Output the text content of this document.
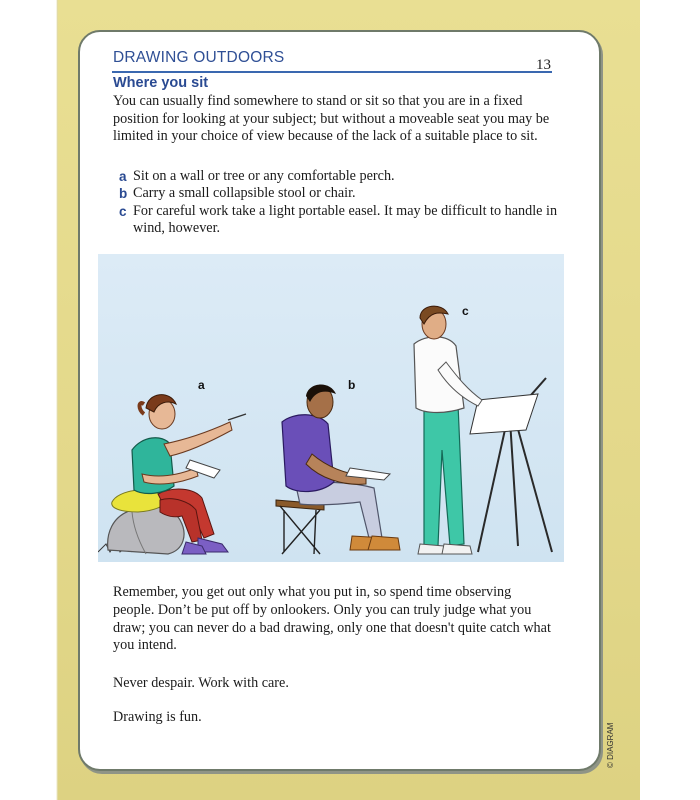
DRAWING OUTDOORS	13
Where you sit
You can usually find somewhere to stand or sit so that you are in a fixed position for looking at your subject; but without a moveable seat you may be limited in your choice of view because of the lack of a suitable place to sit.
a Sit on a wall or tree or any comfortable perch.
b Carry a small collapsible stool or chair.
c For careful work take a light portable easel. It may be difficult to handle in wind, however.
a	b
c
Remember, you get out only what you put in, so spend time observing people. Don’t be put off by onlookers. Only you can truly judge what you draw; you can never do a bad drawing, only one that doesn't quite catch what you intend.
Never despair. Work with care.
Drawing is fun.
© DIAGRAM
